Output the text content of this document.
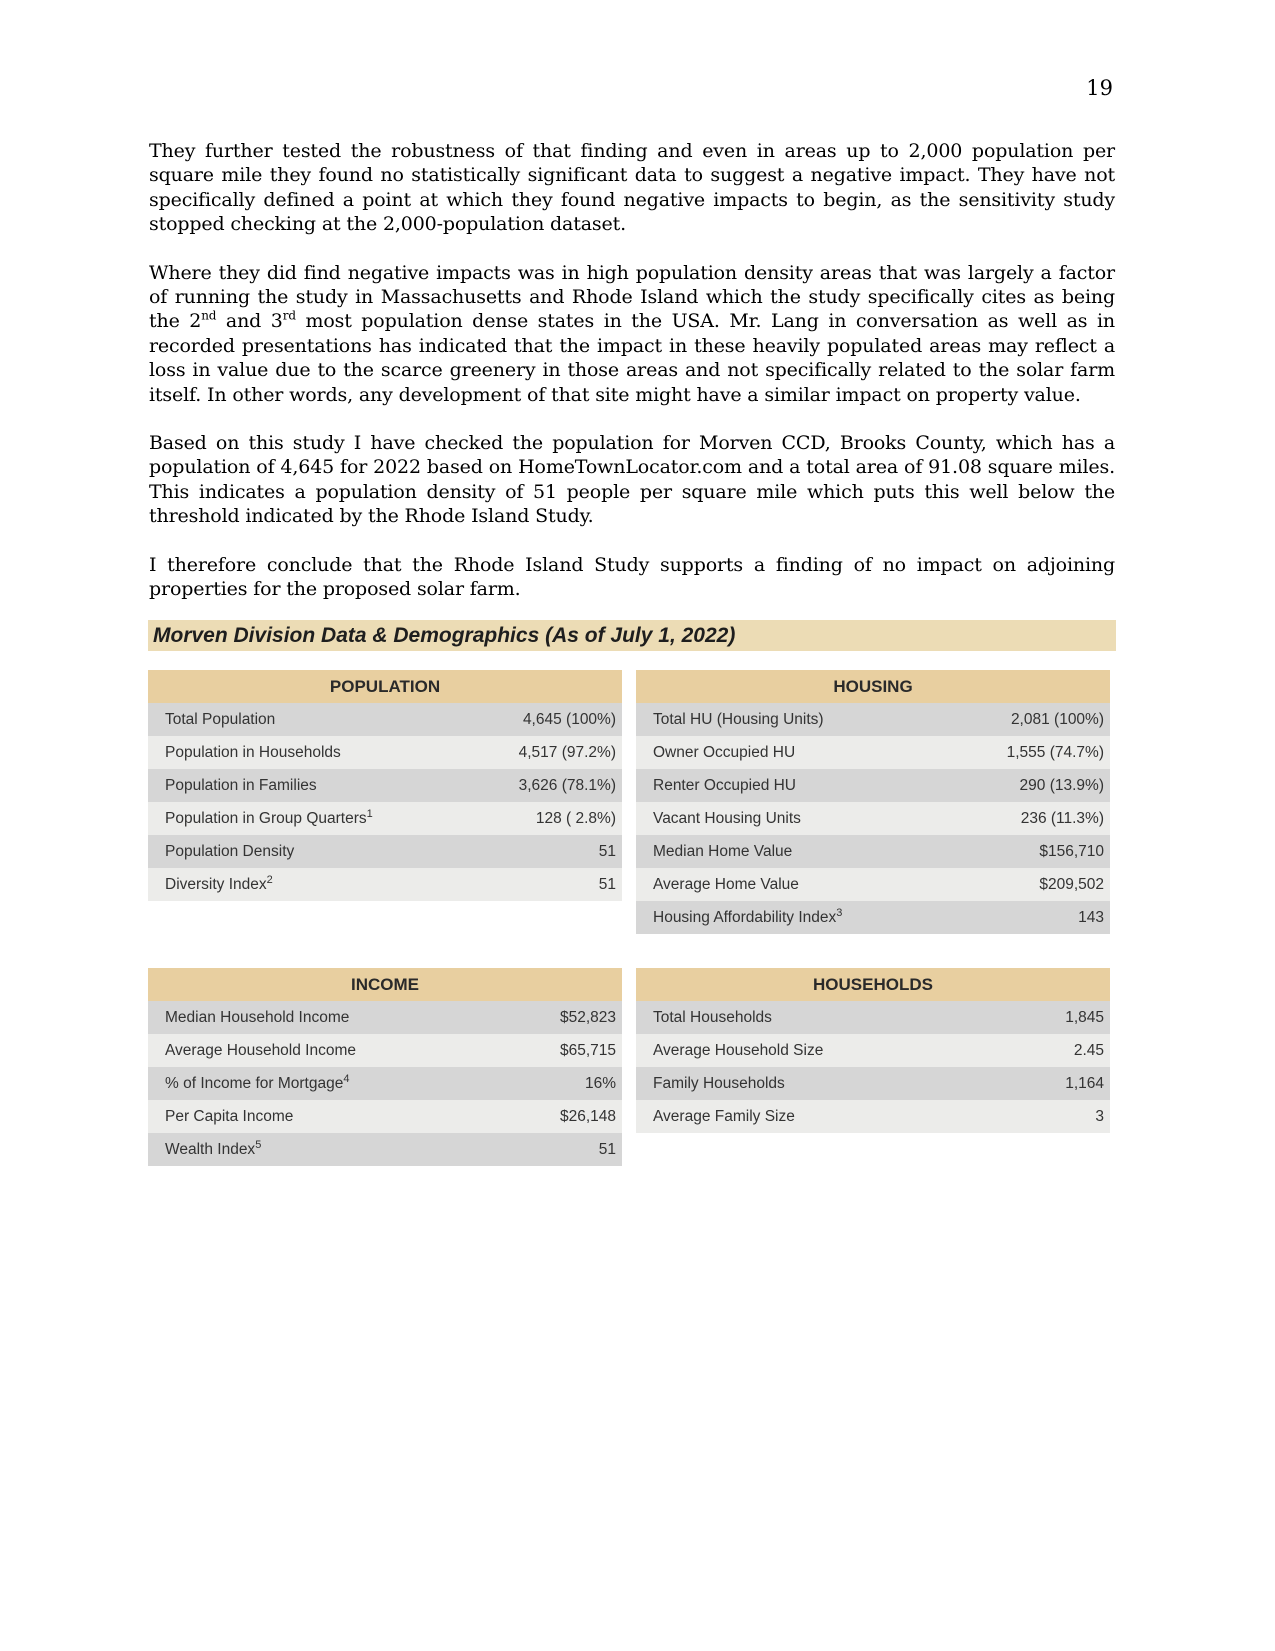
19

They further tested the robustness of that finding and even in areas up to 2,000 population per square mile they found no statistically significant data to suggest a negative impact. They have not specifically defined a point at which they found negative impacts to begin, as the sensitivity study stopped checking at the 2,000-population dataset.

Where they did find negative impacts was in high population density areas that was largely a factor of running the study in Massachusetts and Rhode Island which the study specifically cites as being the 2nd and 3rd most population dense states in the USA. Mr. Lang in conversation as well as in recorded presentations has indicated that the impact in these heavily populated areas may reflect a loss in value due to the scarce greenery in those areas and not specifically related to the solar farm itself. In other words, any development of that site might have a similar impact on property value.

Based on this study I have checked the population for Morven CCD, Brooks County, which has a population of 4,645 for 2022 based on HomeTownLocator.com and a total area of 91.08 square miles. This indicates a population density of 51 people per square mile which puts this well below the threshold indicated by the Rhode Island Study.

I therefore conclude that the Rhode Island Study supports a finding of no impact on adjoining properties for the proposed solar farm.

Morven Division Data & Demographics (As of July 1, 2022)
POPULATION
Total Population	4,645 (100%)
Population in Households	4,517 (97.2%)
Population in Families	3,626 (78.1%)
Population in Group Quarters$^1$	128 ( 2.8%)
Population Density	51
Diversity Index$^2$	51
HOUSING
Total HU (Housing Units)	2,081 (100%)
Owner Occupied HU	1,555 (74.7%)
Renter Occupied HU	290 (13.9%)
Vacant Housing Units	236 (11.3%)
Median Home Value	$156,710
Average Home Value	$209,502
Housing Affordability Index$^3$	143
INCOME
Median Household Income	$52,823
Average Household Income	$65,715
% of Income for Mortgage$^4$	16%
Per Capita Income	$26,148
Wealth Index$^5$	51
HOUSEHOLDS
Total Households	1,845
Average Household Size	2.45
Family Households	1,164
Average Family Size	3
